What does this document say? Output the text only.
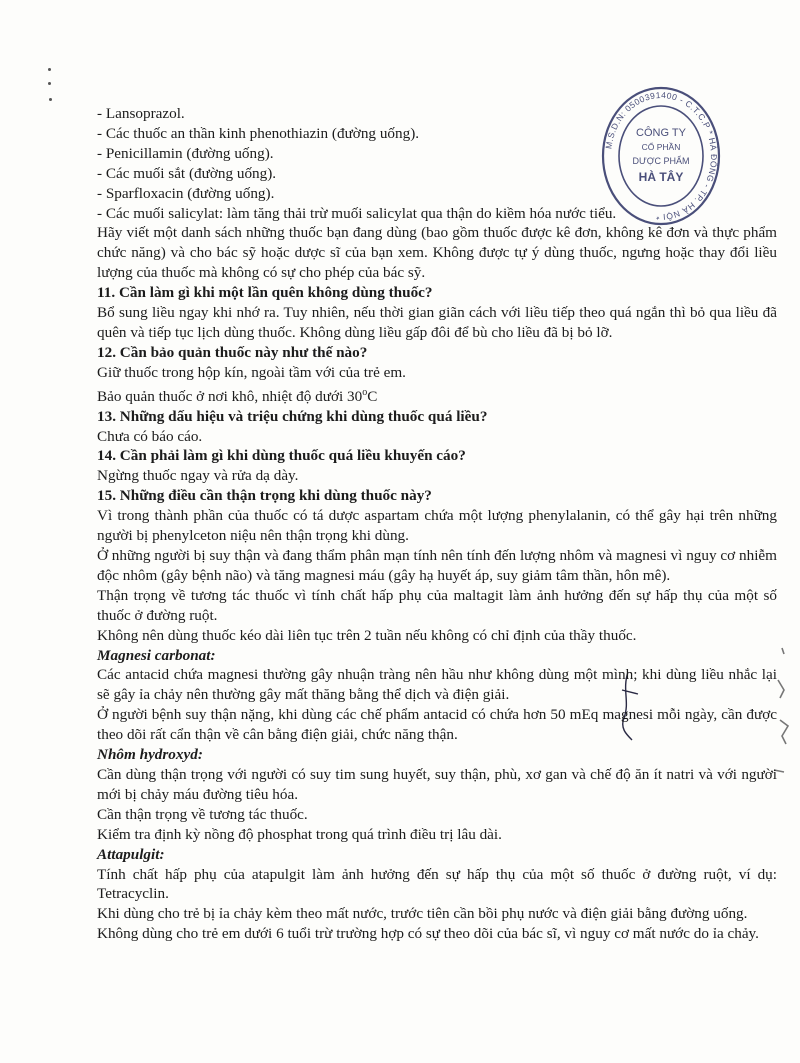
M.S.D.N: 0500391400 - C.T.C.P * HÀ ĐÔNG - TP. HÀ NỘI *
CÔNG TY
CỔ PHẦN
DƯỢC PHẨM
HÀ TÂY

- Lansoprazol.

- Các thuốc an thần kinh phenothiazin (đường uống).

- Penicillamin (đường uống).

- Các muối sắt (đường uống).

- Sparfloxacin (đường uống).

- Các muối salicylat: làm tăng thải trừ muối salicylat qua thận do kiềm hóa nước tiểu.

Hãy viết một danh sách những thuốc bạn đang dùng (bao gồm thuốc được kê đơn, không kê đơn và thực phẩm chức năng) và cho bác sỹ hoặc dược sĩ của bạn xem. Không được tự ý dùng thuốc, ngưng hoặc thay đổi liều lượng của thuốc mà không có sự cho phép của bác sỹ.

11. Cần làm gì khi một lần quên không dùng thuốc?

Bổ sung liều ngay khi nhớ ra. Tuy nhiên, nếu thời gian giãn cách với liều tiếp theo quá ngắn thì bỏ qua liều đã quên và tiếp tục lịch dùng thuốc. Không dùng liều gấp đôi để bù cho liều đã bị bỏ lỡ.

12. Cần bảo quản thuốc này như thế nào?

Giữ thuốc trong hộp kín, ngoài tầm với của trẻ em.

Bảo quản thuốc ở nơi khô, nhiệt độ dưới 30$^o$C

13. Những dấu hiệu và triệu chứng khi dùng thuốc quá liều?

Chưa có báo cáo.

14. Cần phải làm gì khi dùng thuốc quá liều khuyến cáo?

Ngừng thuốc ngay và rửa dạ dày.

15. Những điều cần thận trọng khi dùng thuốc này?

Vì trong thành phần của thuốc có tá dược aspartam chứa một lượng phenylalanin, có thể gây hại trên những người bị phenylceton niệu nên thận trọng khi dùng.

Ở những người bị suy thận và đang thẩm phân mạn tính nên tính đến lượng nhôm và magnesi vì nguy cơ nhiễm độc nhôm (gây bệnh não) và tăng magnesi máu (gây hạ huyết áp, suy giảm tâm thần, hôn mê).

Thận trọng về tương tác thuốc vì tính chất hấp phụ của maltagit làm ảnh hưởng đến sự hấp thụ của một số thuốc ở đường ruột.

Không nên dùng thuốc kéo dài liên tục trên 2 tuần nếu không có chỉ định của thầy thuốc.

Magnesi carbonat:

Các antacid chứa magnesi thường gây nhuận tràng nên hầu như không dùng một mình; khi dùng liều nhắc lại sẽ gây ỉa chảy nên thường gây mất thăng bằng thể dịch và điện giải.

Ở người bệnh suy thận nặng, khi dùng các chế phẩm antacid có chứa hơn 50 mEq magnesi mỗi ngày, cần được theo dõi rất cẩn thận về cân bằng điện giải, chức năng thận.

Nhôm hydroxyd:

Cần dùng thận trọng với người có suy tim sung huyết, suy thận, phù, xơ gan và chế độ ăn ít natri và với người mới bị chảy máu đường tiêu hóa.

Cần thận trọng về tương tác thuốc.

Kiểm tra định kỳ nồng độ phosphat trong quá trình điều trị lâu dài.

Attapulgit:

Tính chất hấp phụ của atapulgit làm ảnh hưởng đến sự hấp thụ của một số thuốc ở đường ruột, ví dụ: Tetracyclin.

Khi dùng cho trẻ bị ỉa chảy kèm theo mất nước, trước tiên cần bồi phụ nước và điện giải bằng đường uống.

Không dùng cho trẻ em dưới 6 tuổi trừ trường hợp có sự theo dõi của bác sĩ, vì nguy cơ mất nước do ỉa chảy.
